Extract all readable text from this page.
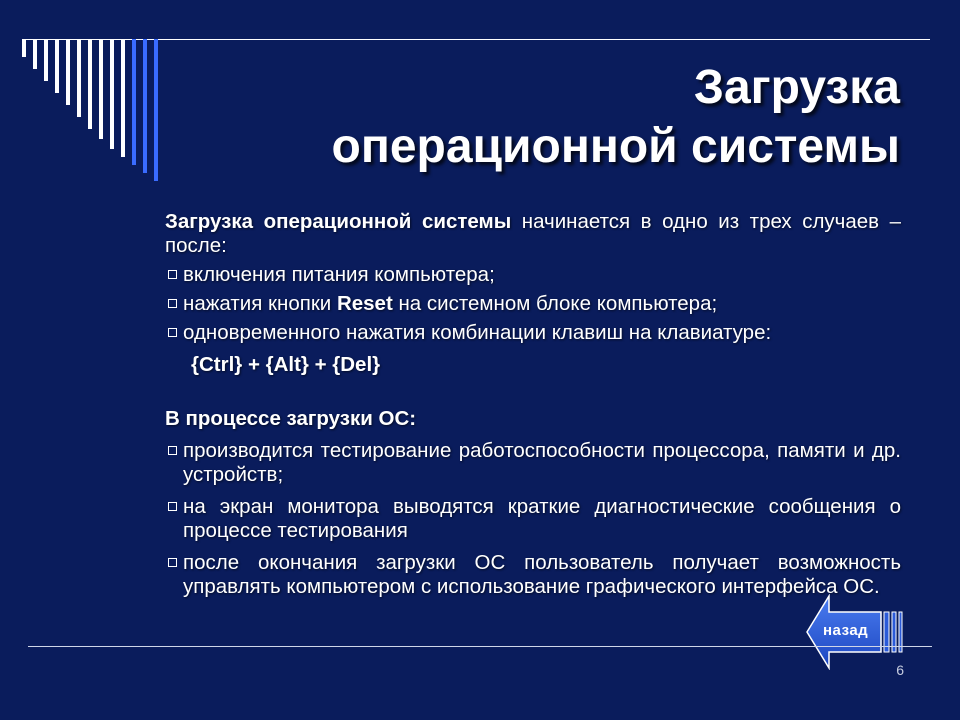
Загрузка
операционной системы

Загрузка операционной системы начинается в одно из трех случаев – после:

включения питания компьютера;
нажатия кнопки Reset на системном блоке компьютера;
одновременного нажатия комбинации клавиш на клавиатуре:

{Ctrl} + {Alt} + {Del}

В процессе загрузки ОС:

производится тестирование работоспособности процессора, памяти и др. устройств;
на экран монитора выводятся краткие диагностические сообщения о процессе тестирования
после окончания загрузки ОС пользователь получает возможность управлять компьютером с использование графического интерфейса ОС.
назад
6
